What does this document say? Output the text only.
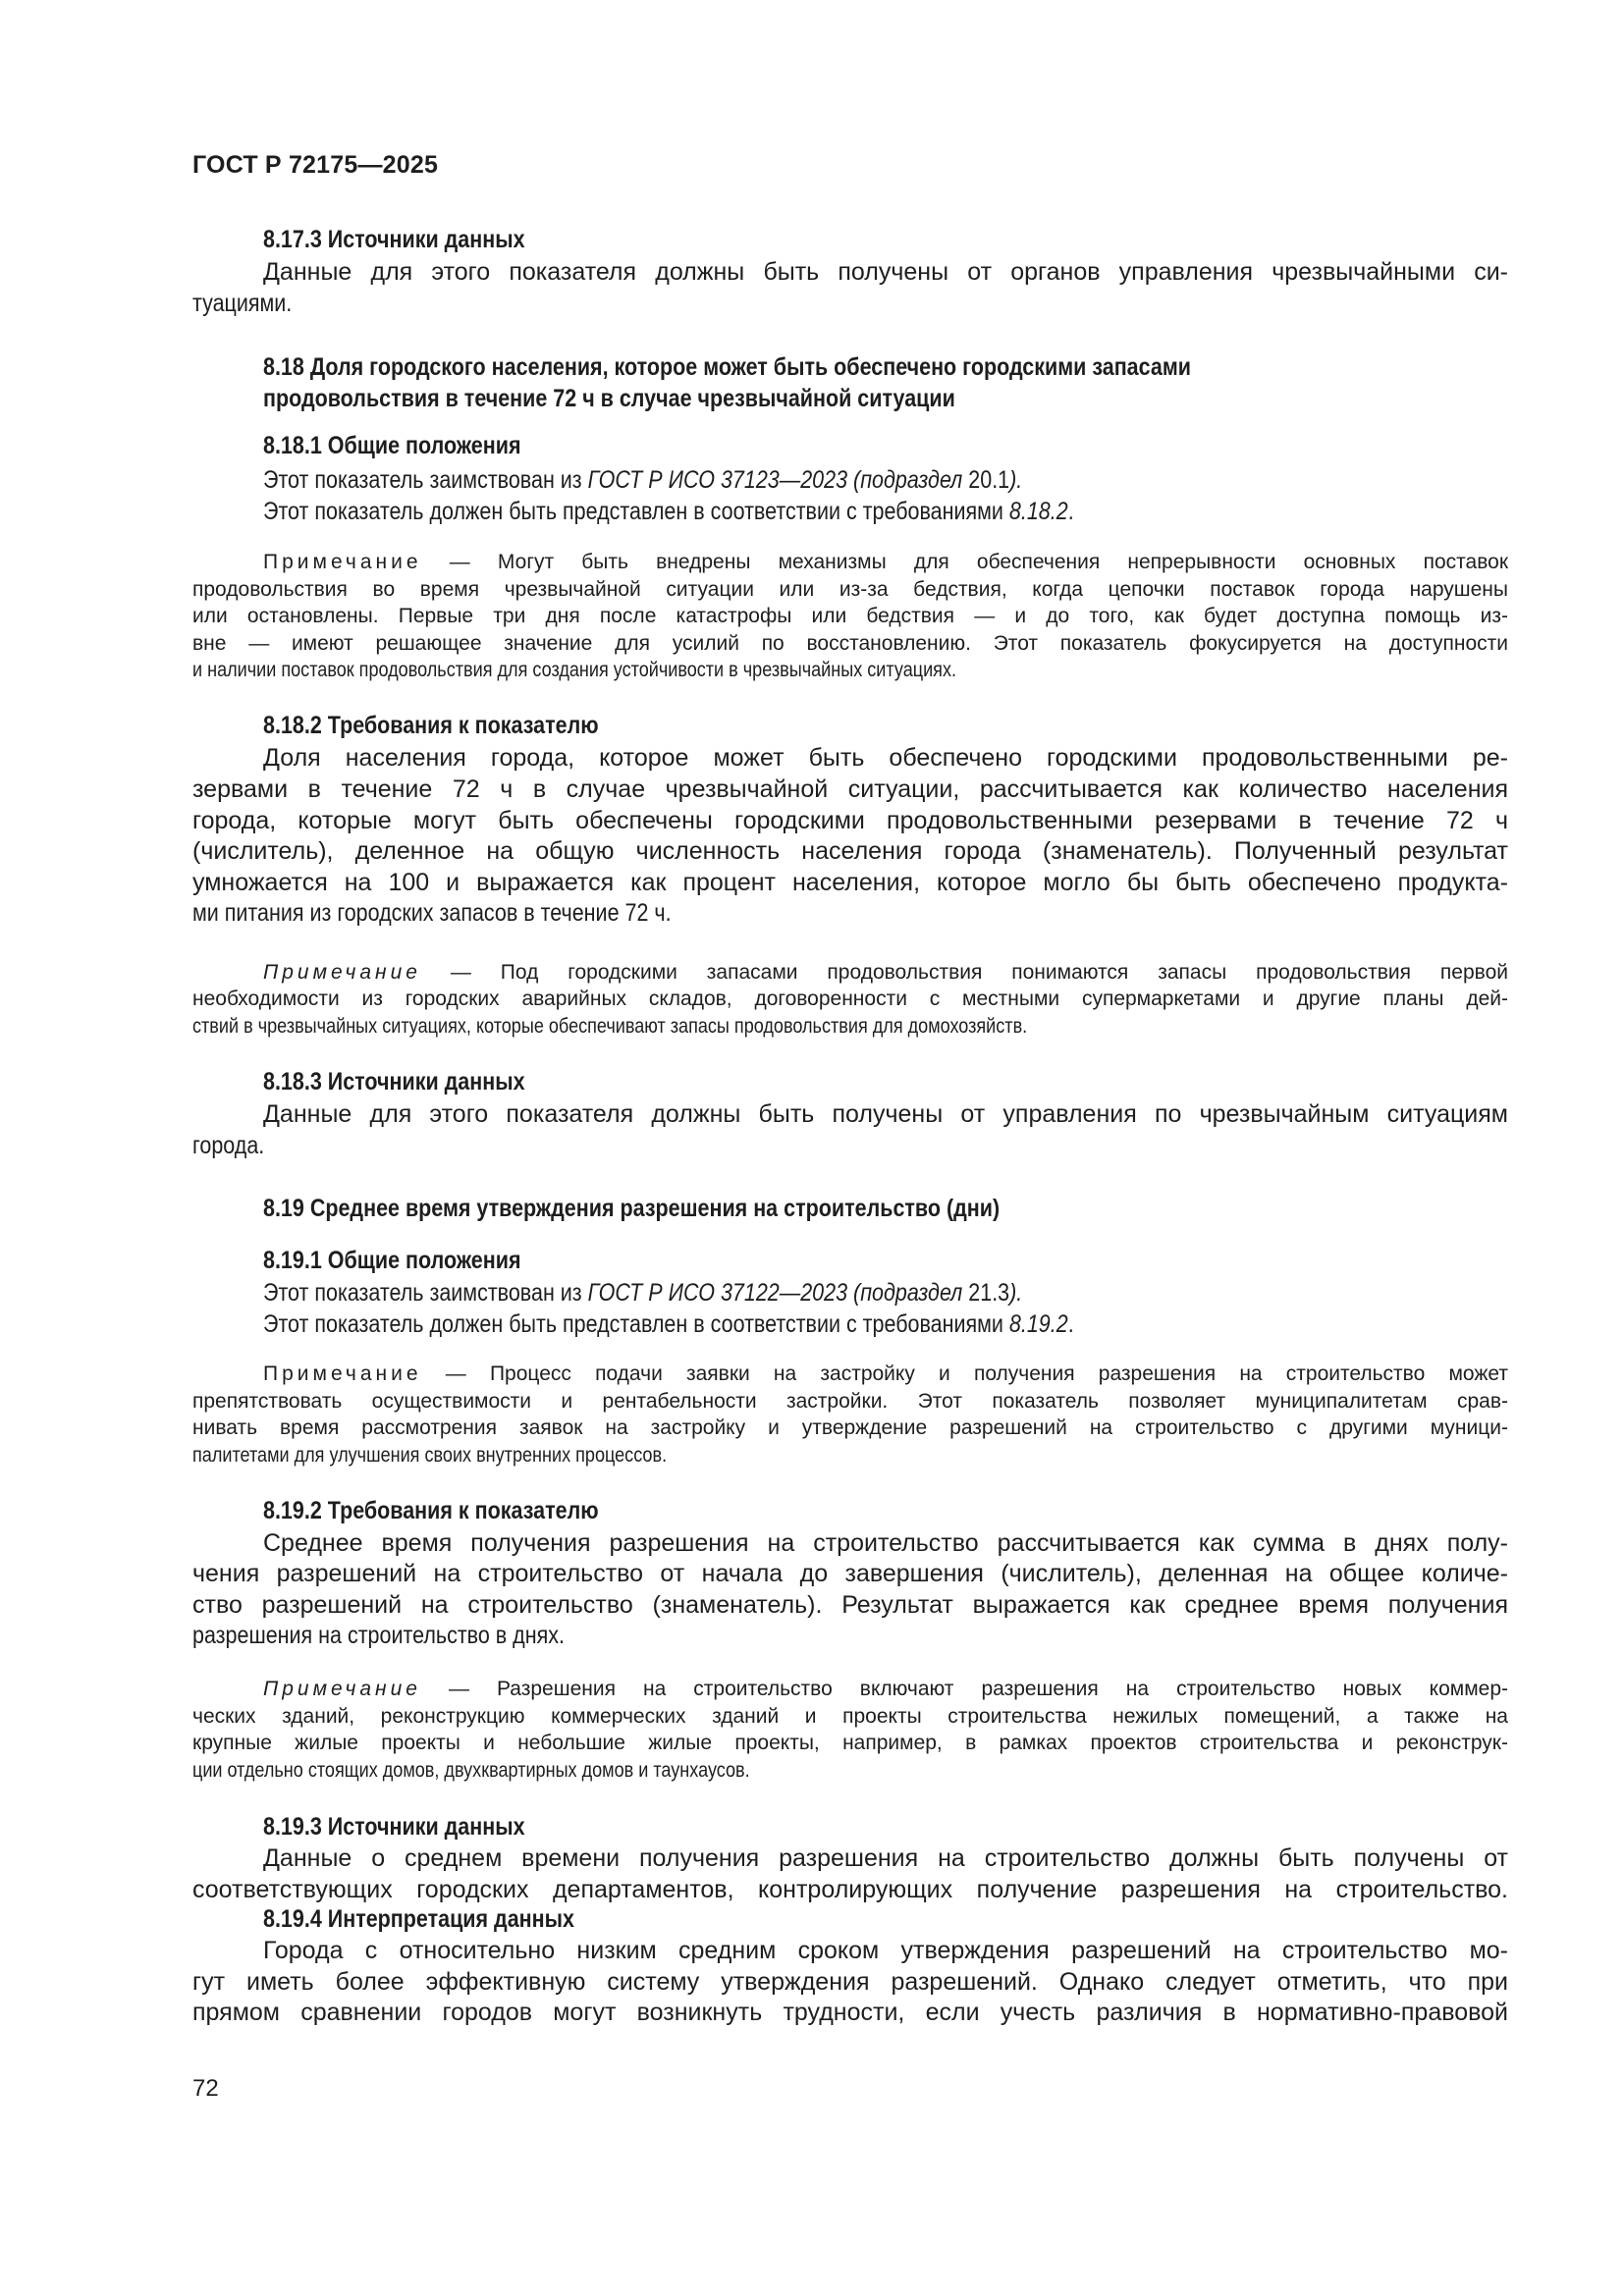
ГОСТ Р 72175—2025
8.17.3 Источники данных
Данные для этого показателя должны быть получены от органов управления чрезвычайными си-
туациями.
8.18 Доля городского населения, которое может быть обеспечено городскими запасами
продовольствия в течение 72 ч в случае чрезвычайной ситуации
8.18.1 Общие положения
Этот показатель заимствован из ГОСТ Р ИСО 37123—2023 (подраздел 20.1).
Этот показатель должен быть представлен в соответствии с требованиями 8.18.2.
Примечание — Могут быть внедрены механизмы для обеспечения непрерывности основных поставок
продовольствия во время чрезвычайной ситуации или из-за бедствия, когда цепочки поставок города нарушены
или остановлены. Первые три дня после катастрофы или бедствия — и до того, как будет доступна помощь из-
вне — имеют решающее значение для усилий по восстановлению. Этот показатель фокусируется на доступности
и наличии поставок продовольствия для создания устойчивости в чрезвычайных ситуациях.
8.18.2 Требования к показателю
Доля населения города, которое может быть обеспечено городскими продовольственными ре-
зервами в течение 72 ч в случае чрезвычайной ситуации, рассчитывается как количество населения
города, которые могут быть обеспечены городскими продовольственными резервами в течение 72 ч
(числитель), деленное на общую численность населения города (знаменатель). Полученный результат
умножается на 100 и выражается как процент населения, которое могло бы быть обеспечено продукта-
ми питания из городских запасов в течение 72 ч.
Примечание — Под городскими запасами продовольствия понимаются запасы продовольствия первой
необходимости из городских аварийных складов, договоренности с местными супермаркетами и другие планы дей-
ствий в чрезвычайных ситуациях, которые обеспечивают запасы продовольствия для домохозяйств.
8.18.3 Источники данных
Данные для этого показателя должны быть получены от управления по чрезвычайным ситуациям
города.
8.19 Среднее время утверждения разрешения на строительство (дни)
8.19.1 Общие положения
Этот показатель заимствован из ГОСТ Р ИСО 37122—2023 (подраздел 21.3).
Этот показатель должен быть представлен в соответствии с требованиями 8.19.2.
Примечание — Процесс подачи заявки на застройку и получения разрешения на строительство может
препятствовать осуществимости и рентабельности застройки. Этот показатель позволяет муниципалитетам срав-
нивать время рассмотрения заявок на застройку и утверждение разрешений на строительство с другими муници-
палитетами для улучшения своих внутренних процессов.
8.19.2 Требования к показателю
Среднее время получения разрешения на строительство рассчитывается как сумма в днях полу-
чения разрешений на строительство от начала до завершения (числитель), деленная на общее количе-
ство разрешений на строительство (знаменатель). Результат выражается как среднее время получения
разрешения на строительство в днях.
Примечание — Разрешения на строительство включают разрешения на строительство новых коммер-
ческих зданий, реконструкцию коммерческих зданий и проекты строительства нежилых помещений, а также на
крупные жилые проекты и небольшие жилые проекты, например, в рамках проектов строительства и реконструк-
ции отдельно стоящих домов, двухквартирных домов и таунхаусов.
8.19.3 Источники данных
Данные о среднем времени получения разрешения на строительство должны быть получены от
соответствующих городских департаментов, контролирующих получение разрешения на строительство.
8.19.4 Интерпретация данных
Города с относительно низким средним сроком утверждения разрешений на строительство мо-
гут иметь более эффективную систему утверждения разрешений. Однако следует отметить, что при
прямом сравнении городов могут возникнуть трудности, если учесть различия в нормативно-правовой
72
